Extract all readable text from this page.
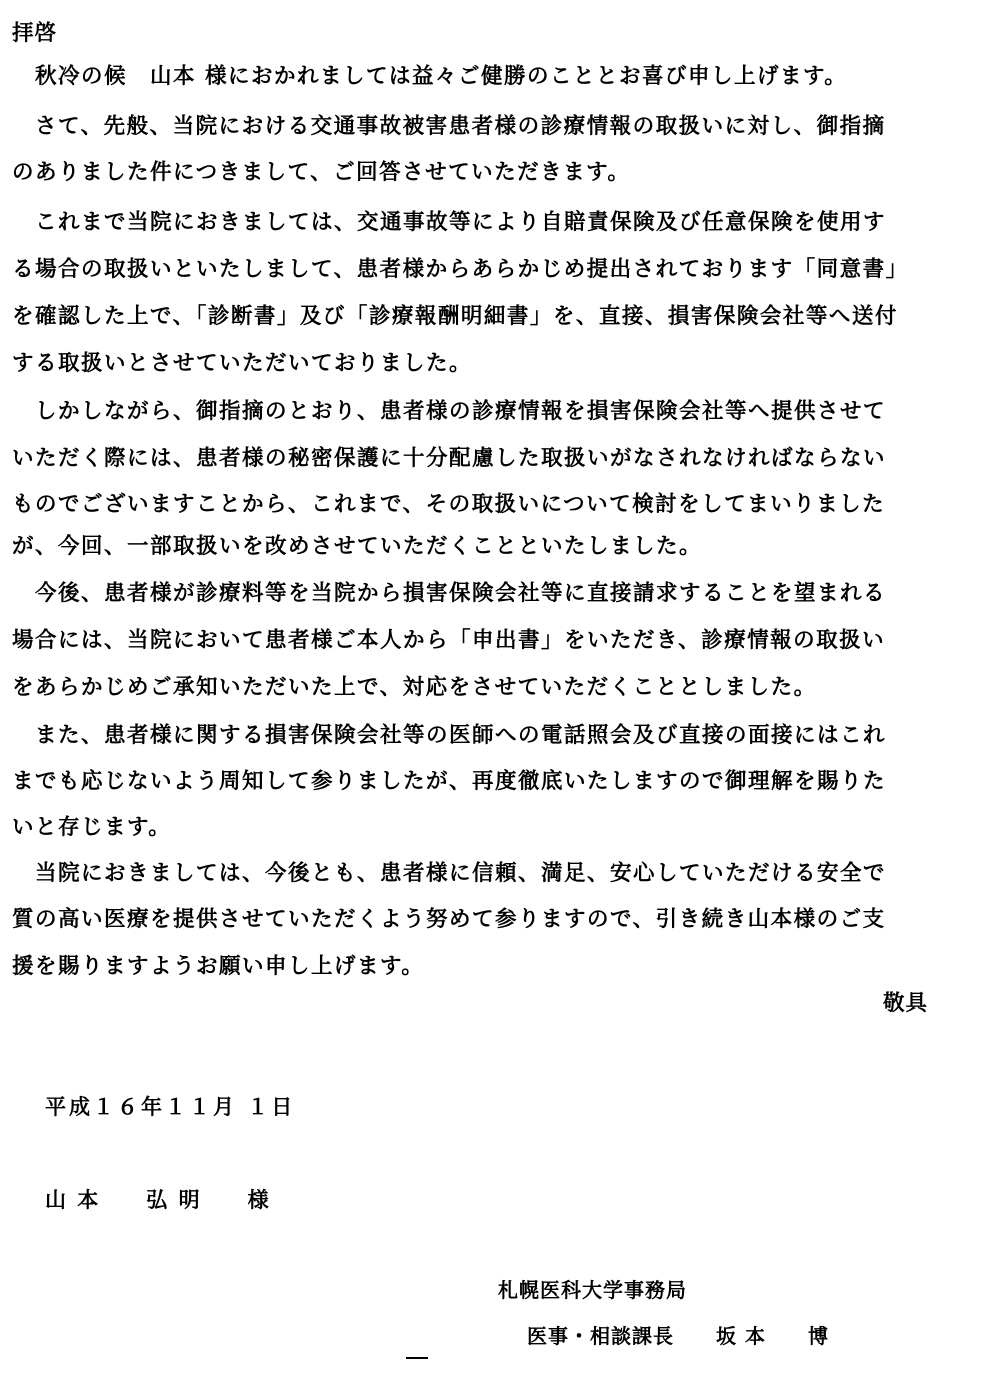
拝啓
　秋冷の候　山本 様におかれましては益々ご健勝のこととお喜び申し上げます。
　さて、先般、当院における交通事故被害患者様の診療情報の取扱いに対し、御指摘
のありました件につきまして、ご回答させていただきます。
　これまで当院におきましては、交通事故等により自賠責保険及び任意保険を使用す
る場合の取扱いといたしまして、患者様からあらかじめ提出されております「同意書」
を確認した上で、「診断書」及び「診療報酬明細書」を、直接、損害保険会社等へ送付
する取扱いとさせていただいておりました。
　しかしながら、御指摘のとおり、患者様の診療情報を損害保険会社等へ提供させて
いただく際には、患者様の秘密保護に十分配慮した取扱いがなされなければならない
ものでございますことから、これまで、その取扱いについて検討をしてまいりました
が、今回、一部取扱いを改めさせていただくことといたしました。
　今後、患者様が診療料等を当院から損害保険会社等に直接請求することを望まれる
場合には、当院において患者様ご本人から「申出書」をいただき、診療情報の取扱い
をあらかじめご承知いただいた上で、対応をさせていただくこととしました。
　また、患者様に関する損害保険会社等の医師への電話照会及び直接の面接にはこれ
までも応じないよう周知して参りましたが、再度徹底いたしますので御理解を賜りた
いと存じます。
　当院におきましては、今後とも、患者様に信頼、満足、安心していただける安全で
質の高い医療を提供させていただくよう努めて参りますので、引き続き山本様のご支
援を賜りますようお願い申し上げます。
敬具
平成１６年１１月 １日
山 本　　弘 明　　様
札幌医科大学事務局
医事・相談課長　　坂 本　　博
